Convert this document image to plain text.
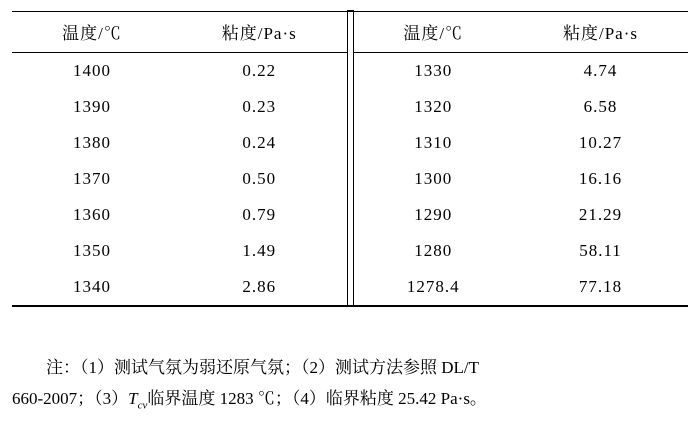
温度/℃	粘度/Pa·s		温度/℃	粘度/Pa·s
1400	0.22		1330	4.74
1390	0.23		1320	6.58
1380	0.24		1310	10.27
1370	0.50		1300	16.16
1360	0.79		1290	21.29
1350	1.49		1280	58.11
1340	2.86		1278.4	77.18
注：（1）测试气氛为弱还原气氛；（2）测试方法参照 DL/T
660-2007；$(3)T_{cv}$临界温度 1283 ℃；（4）临界粘度 25.42 Pa·s。
